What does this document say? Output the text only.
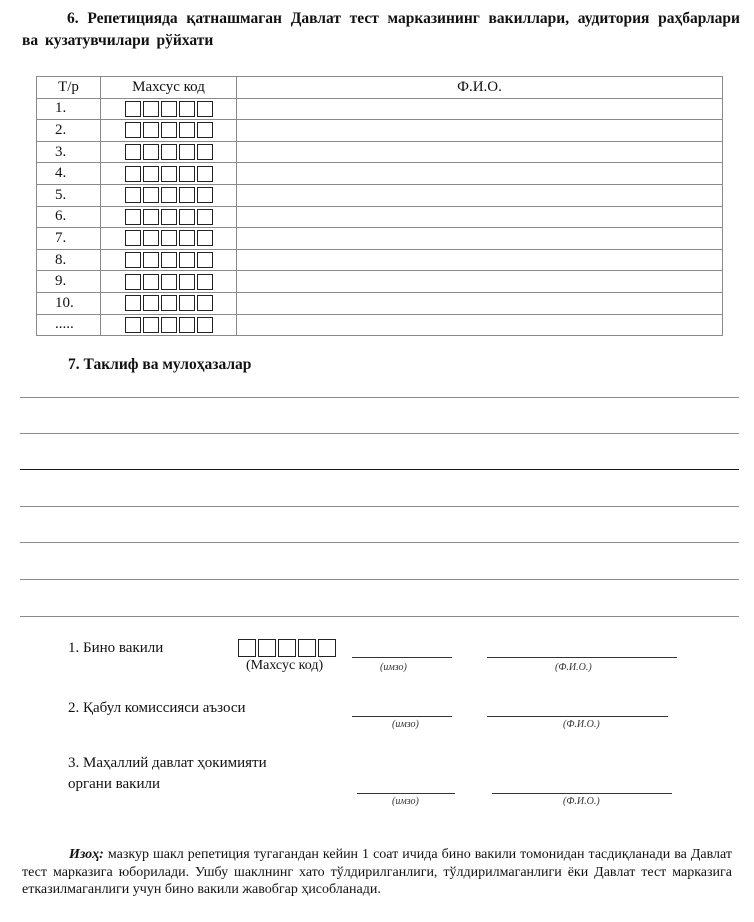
6. Репетицияда қатнашмаган Давлат тест марказининг вакиллари, аудитория раҳбарлари ва кузатувчилари рўйхати
Т/р	Махсус код	Ф.И.О.
1.	

2.	

3.	

4.	

5.	

6.	

7.	

8.	

9.	

10.	

.....	

7. Таклиф ва мулоҳазалар
1. Бино вакили
(Махсус код)	(имзо)	(Ф.И.О.)
2. Қабул комиссияси аъзоси
(имзо)	(Ф.И.О.)
3. Маҳаллий давлат ҳокимияти
органи вакили
(имзо)	(Ф.И.О.)
Изоҳ: мазкур шакл репетиция тугагандан кейин 1 соат ичида бино вакили томонидан тасдиқланади ва Давлат тест марказига юборилади. Ушбу шаклнинг хато тўлдирилганлиги, тўлдирилмаганлиги ёки Давлат тест марказига етказилмаганлиги учун бино вакили жавобгар ҳисобланади.
